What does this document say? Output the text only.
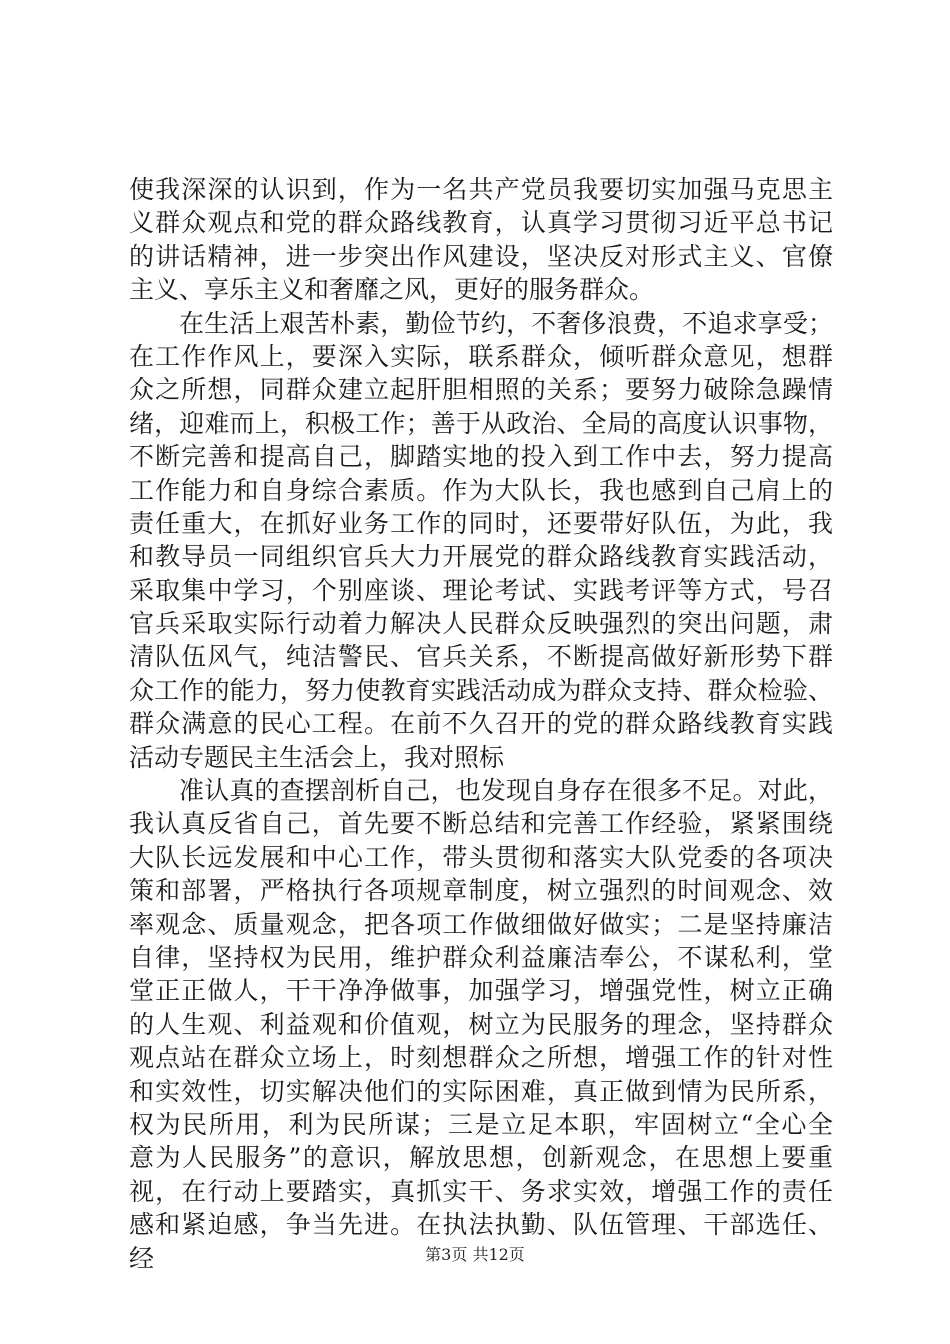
使我深深的认识到，作为一名共产党员我要切实加强马克思主
义群众观点和党的群众路线教育，认真学习贯彻习近平总书记
的讲话精神，进一步突出作风建设，坚决反对形式主义、官僚
主义、享乐主义和奢靡之风，更好的服务群众。
在生活上艰苦朴素，勤俭节约，不奢侈浪费，不追求享受；
在工作作风上，要深入实际，联系群众，倾听群众意见，想群
众之所想，同群众建立起肝胆相照的关系；要努力破除急躁情
绪，迎难而上，积极工作；善于从政治、全局的高度认识事物，
不断完善和提高自己，脚踏实地的投入到工作中去，努力提高
工作能力和自身综合素质。作为大队长，我也感到自己肩上的
责任重大，在抓好业务工作的同时，还要带好队伍，为此，我
和教导员一同组织官兵大力开展党的群众路线教育实践活动，
采取集中学习，个别座谈、理论考试、实践考评等方式，号召
官兵采取实际行动着力解决人民群众反映强烈的突出问题，肃
清队伍风气，纯洁警民、官兵关系，不断提高做好新形势下群
众工作的能力，努力使教育实践活动成为群众支持、群众检验、
群众满意的民心工程。在前不久召开的党的群众路线教育实践
活动专题民主生活会上，我对照标
准认真的查摆剖析自己，也发现自身存在很多不足。对此，
我认真反省自己，首先要不断总结和完善工作经验，紧紧围绕
大队长远发展和中心工作，带头贯彻和落实大队党委的各项决
策和部署，严格执行各项规章制度，树立强烈的时间观念、效
率观念、质量观念，把各项工作做细做好做实；二是坚持廉洁
自律，坚持权为民用，维护群众利益廉洁奉公，不谋私利，堂
堂正正做人，干干净净做事，加强学习，增强党性，树立正确
的人生观、利益观和价值观，树立为民服务的理念，坚持群众
观点站在群众立场上，时刻想群众之所想，增强工作的针对性
和实效性，切实解决他们的实际困难，真正做到情为民所系，
权为民所用，利为民所谋；三是立足本职，牢固树立“全心全
意为人民服务”的意识，解放思想，创新观念，在思想上要重
视，在行动上要踏实，真抓实干、务求实效，增强工作的责任
感和紧迫感，争当先进。在执法执勤、队伍管理、干部选任、
经	第3页 共12页
